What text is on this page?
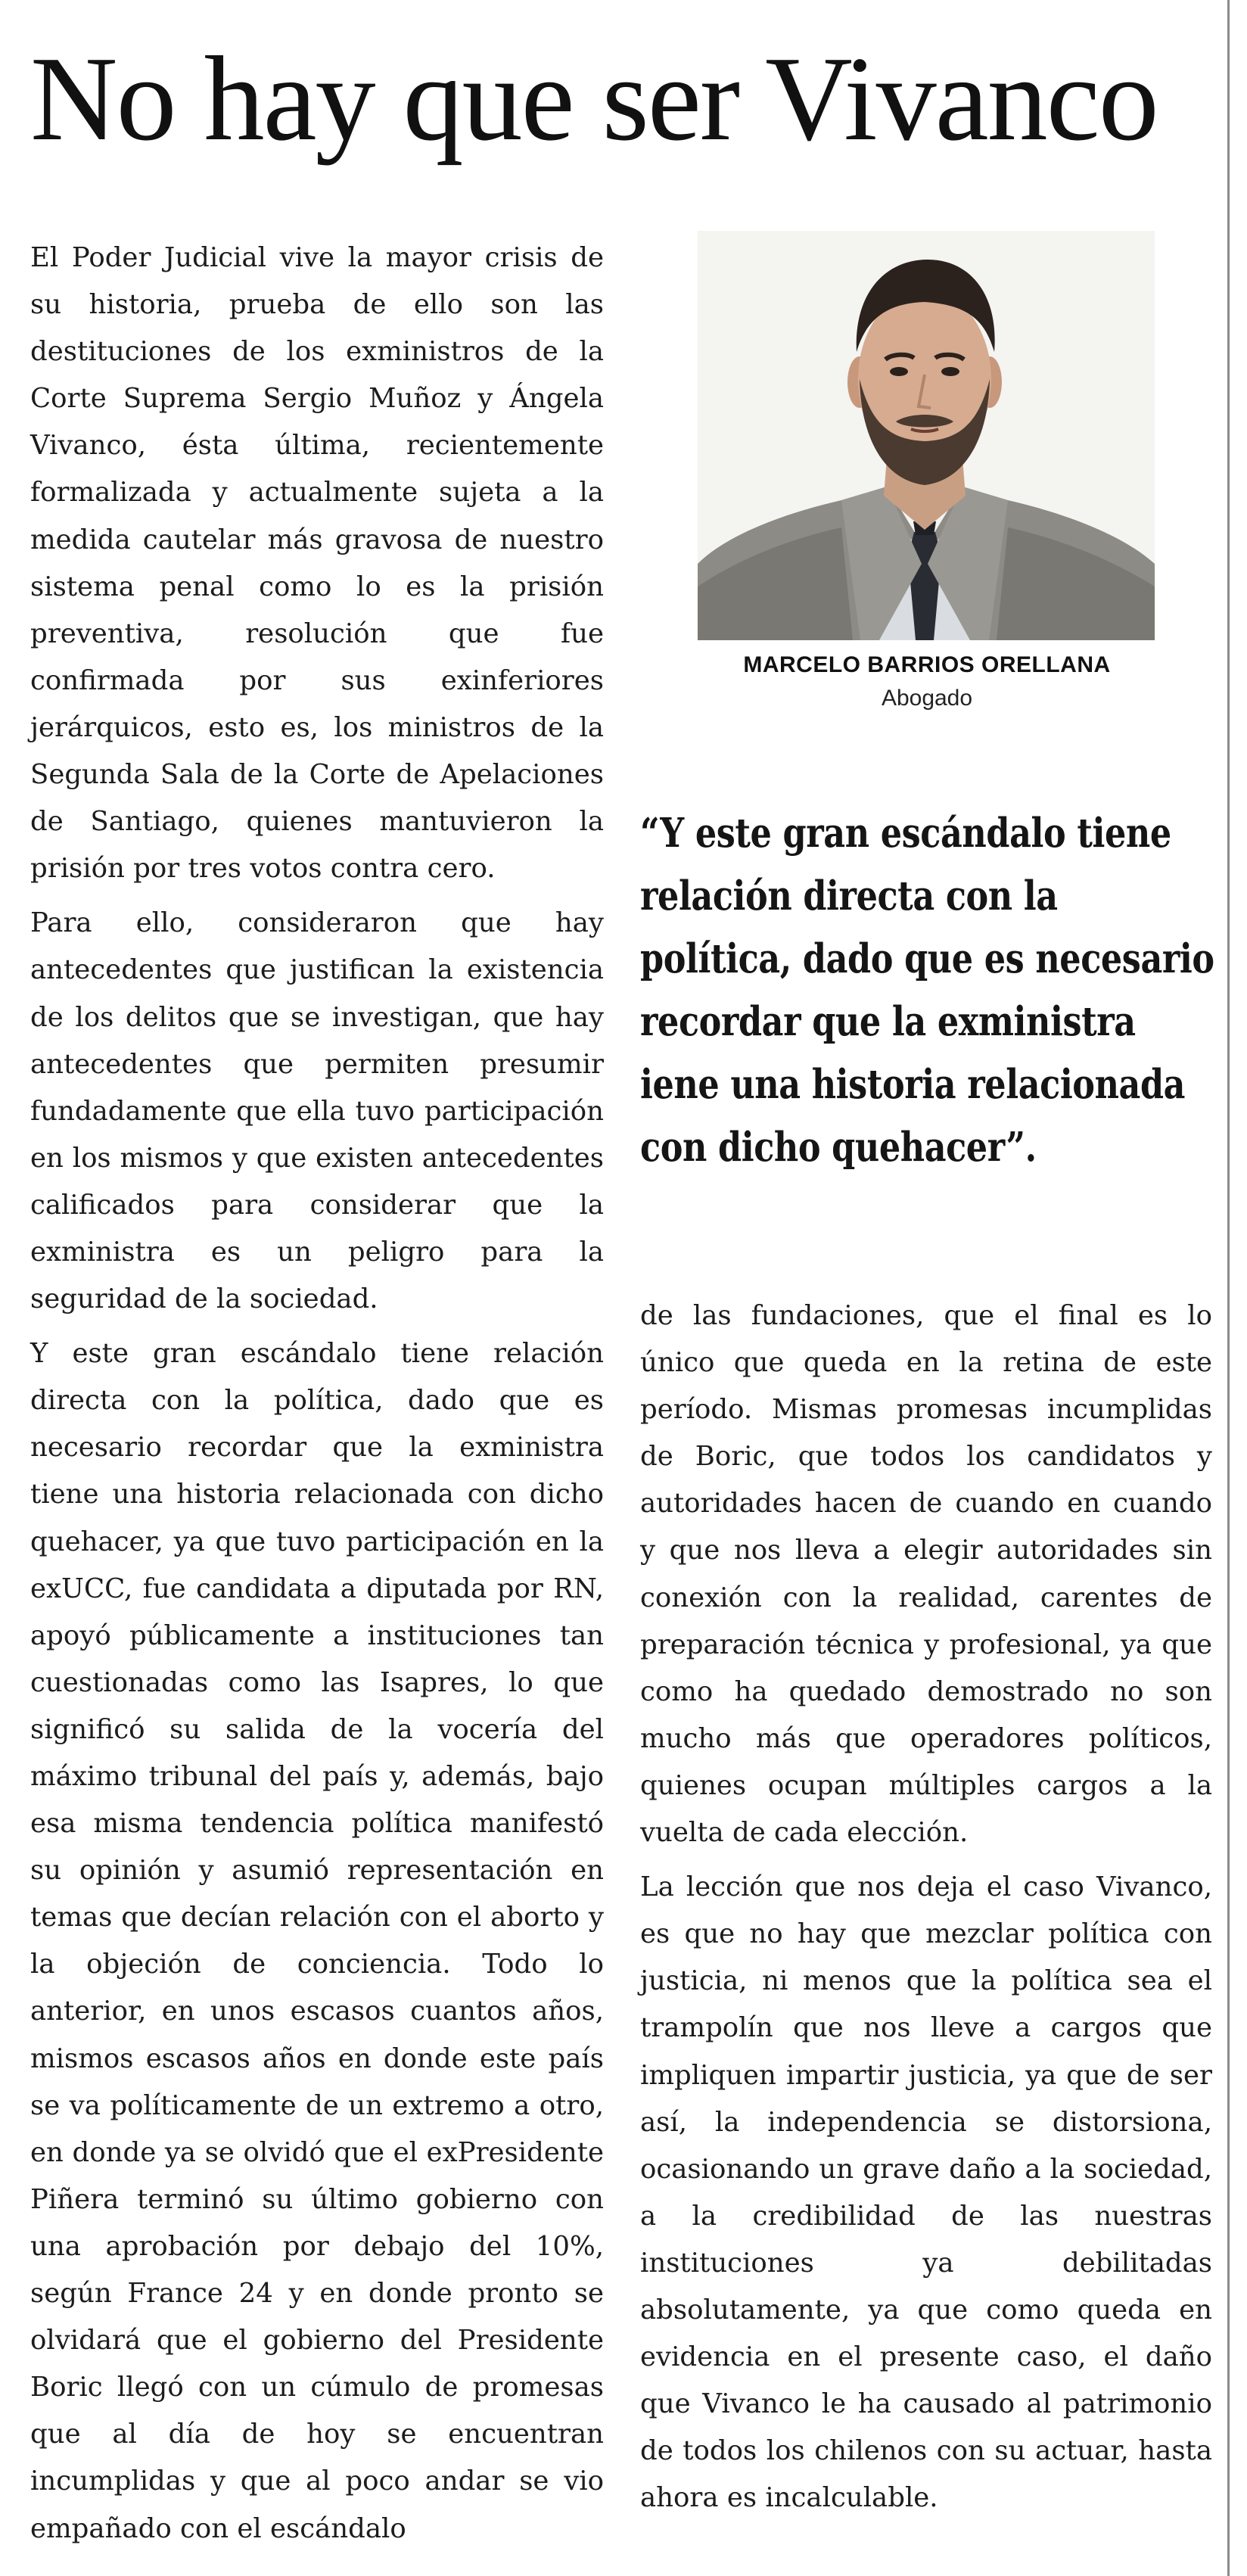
No hay que ser Vivanco

El Poder Judicial vive la mayor crisis de su historia, prueba de ello son las destituciones de los exministros de la Corte Suprema Sergio Muñoz y Ángela Vivanco, ésta última, recientemente formalizada y actualmente sujeta a la medida cautelar más gravosa de nuestro sistema penal como lo es la prisión preventiva, resolución que fue confirmada por sus exinferiores jerárquicos, esto es, los ministros de la Segunda Sala de la Corte de Apelaciones de Santiago, quienes mantuvieron la prisión por tres votos contra cero.

Para ello, consideraron que hay antecedentes que justifican la existencia de los delitos que se investigan, que hay antecedentes que permiten presumir fundadamente que ella tuvo participación en los mismos y que existen antecedentes calificados para considerar que la exministra es un peligro para la seguridad de la sociedad.

Y este gran escándalo tiene relación directa con la política, dado que es necesario recordar que la exministra tiene una historia relacionada con dicho quehacer, ya que tuvo participación en la exUCC, fue candidata a diputada por RN, apoyó públicamente a instituciones tan cuestionadas como las Isapres, lo que significó su salida de la vocería del máximo tribunal del país y, además, bajo esa misma tendencia política manifestó su opinión y asumió representación en temas que decían relación con el aborto y la objeción de conciencia. Todo lo anterior, en unos escasos cuantos años, mismos escasos años en donde este país se va políticamente de un extremo a otro, en donde ya se olvidó que el exPresidente Piñera terminó su último gobierno con una aprobación por debajo del 10%, según France 24 y en donde pronto se olvidará que el gobierno del Presidente Boric llegó con un cúmulo de promesas que al día de hoy se encuentran incumplidas y que al poco andar se vio empañado con el escándalo

MARCELO BARRIOS ORELLANA
Abogado
“Y este gran escándalo tiene relación directa con la política, dado que es necesario recordar que la exministra iene una historia relacionada con dicho quehacer”.

de las fundaciones, que el final es lo único que queda en la retina de este período. Mismas promesas incumplidas de Boric, que todos los candidatos y autoridades hacen de cuando en cuando y que nos lleva a elegir autoridades sin conexión con la realidad, carentes de preparación técnica y profesional, ya que como ha quedado demostrado no son mucho más que operadores políticos, quienes ocupan múltiples cargos a la vuelta de cada elección.

La lección que nos deja el caso Vivanco, es que no hay que mezclar política con justicia, ni menos que la política sea el trampolín que nos lleve a cargos que impliquen impartir justicia, ya que de ser así, la independencia se distorsiona, ocasionando un grave daño a la sociedad, a la credibilidad de las nuestras instituciones ya debilitadas absolutamente, ya que como queda en evidencia en el presente caso, el daño que Vivanco le ha causado al patrimonio de todos los chilenos con su actuar, hasta ahora es incalculable.
